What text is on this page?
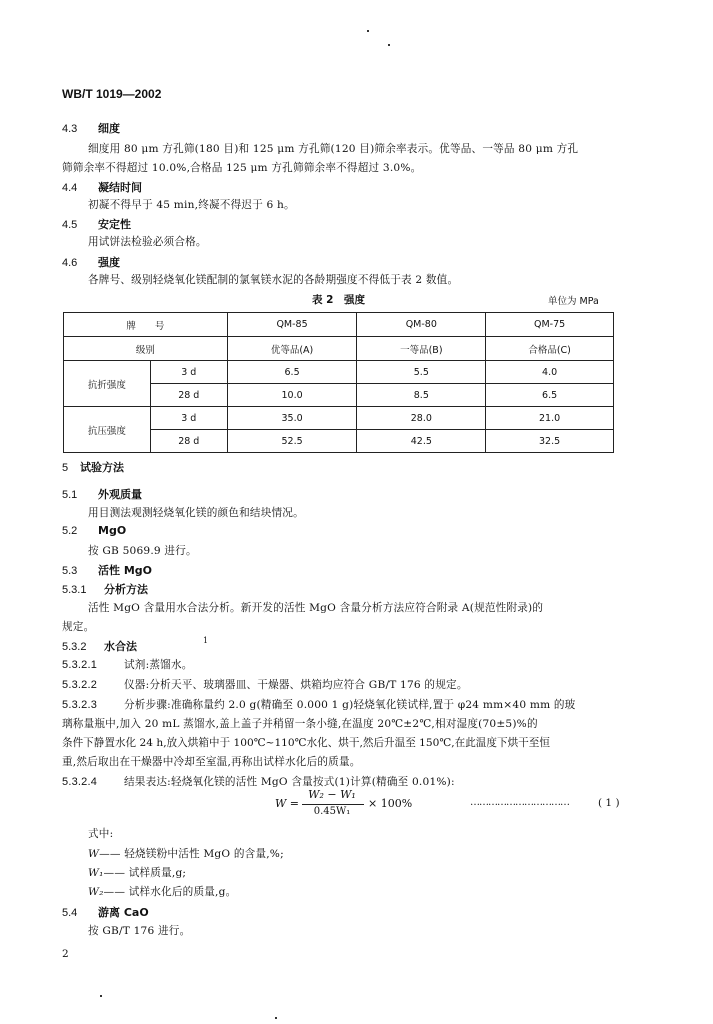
WB/T 1019—2002
4.3 细度
细度用 80 μm 方孔筛(180 目)和 125 μm 方孔筛(120 目)筛余率表示。优等品、一等品 80 μm 方孔
筛筛余率不得超过 10.0%,合格品 125 μm 方孔筛筛余率不得超过 3.0%。
4.4 凝结时间
初凝不得早于 45 min,终凝不得迟于 6 h。
4.5 安定性
用试饼法检验必须合格。
4.6 强度
各牌号、级别轻烧氧化镁配制的氯氧镁水泥的各龄期强度不得低于表 2 数值。
表 2　强度	单位为 MPa
牌　　号		QM-85	QM-80	QM-75
级别		优等品(A)	一等品(B)	合格品(C)
抗折强度	3 d	6.5	5.5	4.0
	28 d	10.0	8.5	6.5
抗压强度	3 d	35.0	28.0	21.0
	28 d	52.5	42.5	32.5
5 试验方法
5.1 外观质量
用目测法观测轻烧氧化镁的颜色和结块情况。
5.2 MgO
按 GB 5069.9 进行。
5.3 活性 MgO
5.3.1 分析方法
活性 MgO 含量用水合法分析。新开发的活性 MgO 含量分析方法应符合附录 A(规范性附录)的
规定。
5.3.2 水合法	1
5.3.2.1	试剂:蒸馏水。
5.3.2.2	仪器:分析天平、玻璃器皿、干燥器、烘箱均应符合 GB/T 176 的规定。
5.3.2.3	分析步骤:准确称量约 2.0 g(精确至 0.000 1 g)轻烧氧化镁试样,置于 φ24 mm×40 mm 的玻
璃称量瓶中,加入 20 mL 蒸馏水,盖上盖子并稍留一条小缝,在温度 20℃±2℃,相对湿度(70±5)%的
条件下静置水化 24 h,放入烘箱中于 100℃~110℃水化、烘干,然后升温至 150℃,在此温度下烘干至恒
重,然后取出在干燥器中冷却至室温,再称出试样水化后的质量。
5.3.2.4	结果表达:轻烧氧化镁的活性 MgO 含量按式(1)计算(精确至 0.01%):
W =
W₂ − W₁
0.45W₁
× 100%	……………………………	( 1 )
式中:
W—— 轻烧镁粉中活性 MgO 的含量,%;
W₁—— 试样质量,g;
W₂—— 试样水化后的质量,g。
5.4 游离 CaO
按 GB/T 176 进行。
2
